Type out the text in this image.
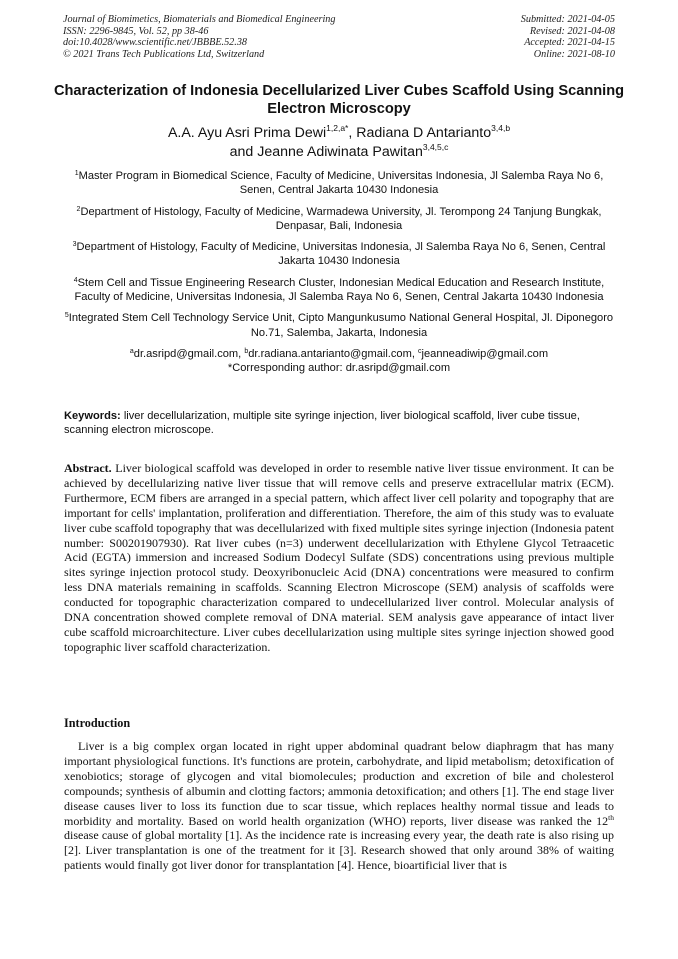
Journal of Biomimetics, Biomaterials and Biomedical Engineering
ISSN: 2296-9845, Vol. 52, pp 38-46
doi:10.4028/www.scientific.net/JBBBE.52.38
© 2021 Trans Tech Publications Ltd, Switzerland
Submitted: 2021-04-05
Revised: 2021-04-08
Accepted: 2021-04-15
Online: 2021-08-10
Characterization of Indonesia Decellularized Liver Cubes Scaffold Using Scanning Electron Microscopy
A.A. Ayu Asri Prima Dewi$^{1,2,a*}$, Radiana D Antarianto$^{3,4,b}$
and Jeanne Adiwinata Pawitan$^{3,4,5,c}$
$^1$Master Program in Biomedical Science, Faculty of Medicine, Universitas Indonesia, Jl Salemba Raya No 6, Senen, Central Jakarta 10430 Indonesia
$^2$Department of Histology, Faculty of Medicine, Warmadewa University, Jl. Terompong 24 Tanjung Bungkak, Denpasar, Bali, Indonesia
$^3$Department of Histology, Faculty of Medicine, Universitas Indonesia, Jl Salemba Raya No 6, Senen, Central Jakarta 10430 Indonesia
$^4$Stem Cell and Tissue Engineering Research Cluster, Indonesian Medical Education and Research Institute, Faculty of Medicine, Universitas Indonesia, Jl Salemba Raya No 6, Senen, Central Jakarta 10430 Indonesia
$^5$Integrated Stem Cell Technology Service Unit, Cipto Mangunkusumo National General Hospital, Jl. Diponegoro No.71, Salemba, Jakarta, Indonesia
$^a$dr.asripd@gmail.com, $^b$dr.radiana.antarianto@gmail.com, $^c$jeanneadiwip@gmail.com
*Corresponding author: dr.asripd@gmail.com
Keywords: liver decellularization, multiple site syringe injection, liver biological scaffold, liver cube tissue, scanning electron microscope.
Abstract. Liver biological scaffold was developed in order to resemble native liver tissue environment. It can be achieved by decellularizing native liver tissue that will remove cells and preserve extracellular matrix (ECM). Furthermore, ECM fibers are arranged in a special pattern, which affect liver cell polarity and topography that are important for cells' implantation, proliferation and differentiation. Therefore, the aim of this study was to evaluate liver cube scaffold topography that was decellularized with fixed multiple sites syringe injection (Indonesia patent number: S00201907930). Rat liver cubes (n=3) underwent decellularization with Ethylene Glycol Tetraacetic Acid (EGTA) immersion and increased Sodium Dodecyl Sulfate (SDS) concentrations using previous multiple sites syringe injection protocol study. Deoxyribonucleic Acid (DNA) concentrations were measured to confirm less DNA materials remaining in scaffolds. Scanning Electron Microscope (SEM) analysis of scaffolds were conducted for topographic characterization compared to undecellularized liver control. Molecular analysis of DNA concentration showed complete removal of DNA material. SEM analysis gave appearance of intact liver cube scaffold microarchitecture. Liver cubes decellularization using multiple sites syringe injection showed good topographic liver scaffold characterization.
Introduction
Liver is a big complex organ located in right upper abdominal quadrant below diaphragm that has many important physiological functions. It's functions are protein, carbohydrate, and lipid metabolism; detoxification of xenobiotics; storage of glycogen and vital biomolecules; production and excretion of bile and cholesterol compounds; synthesis of albumin and clotting factors; ammonia detoxification; and others [1]. The end stage liver disease causes liver to loss its function due to scar tissue, which replaces healthy normal tissue and leads to morbidity and mortality. Based on world health organization (WHO) reports, liver disease was ranked the 12th disease cause of global mortality [1]. As the incidence rate is increasing every year, the death rate is also rising up [2]. Liver transplantation is one of the treatment for it [3]. Research showed that only around 38% of waiting patients would finally got liver donor for transplantation [4]. Hence, bioartificial liver that is
